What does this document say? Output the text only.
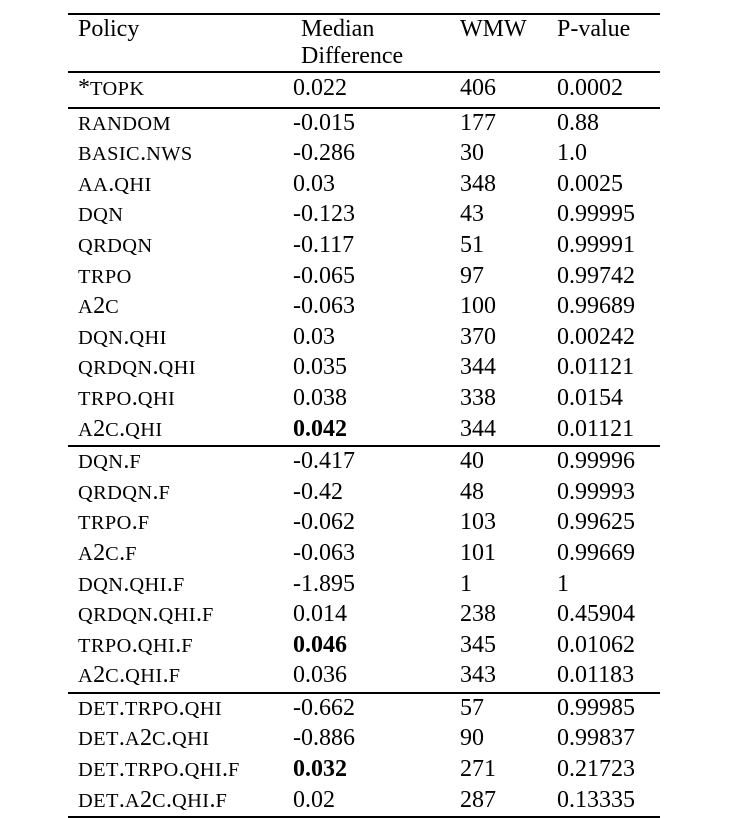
Policy	Median Difference	WMW	P-value
*TOPK	0.022	406	0.0002
RANDOM	-0.015	177	0.88
BASIC.NWS	-0.286	30	1.0
AA.QHI	0.03	348	0.0025
DQN	-0.123	43	0.99995
QRDQN	-0.117	51	0.99991
TRPO	-0.065	97	0.99742
A2C	-0.063	100	0.99689
DQN.QHI	0.03	370	0.00242
QRDQN.QHI	0.035	344	0.01121
TRPO.QHI	0.038	338	0.0154
A2C.QHI	0.042	344	0.01121
DQN.F	-0.417	40	0.99996
QRDQN.F	-0.42	48	0.99993
TRPO.F	-0.062	103	0.99625
A2C.F	-0.063	101	0.99669
DQN.QHI.F	-1.895	1	1
QRDQN.QHI.F	0.014	238	0.45904
TRPO.QHI.F	0.046	345	0.01062
A2C.QHI.F	0.036	343	0.01183
DET.TRPO.QHI	-0.662	57	0.99985
DET.A2C.QHI	-0.886	90	0.99837
DET.TRPO.QHI.F	0.032	271	0.21723
DET.A2C.QHI.F	0.02	287	0.13335
